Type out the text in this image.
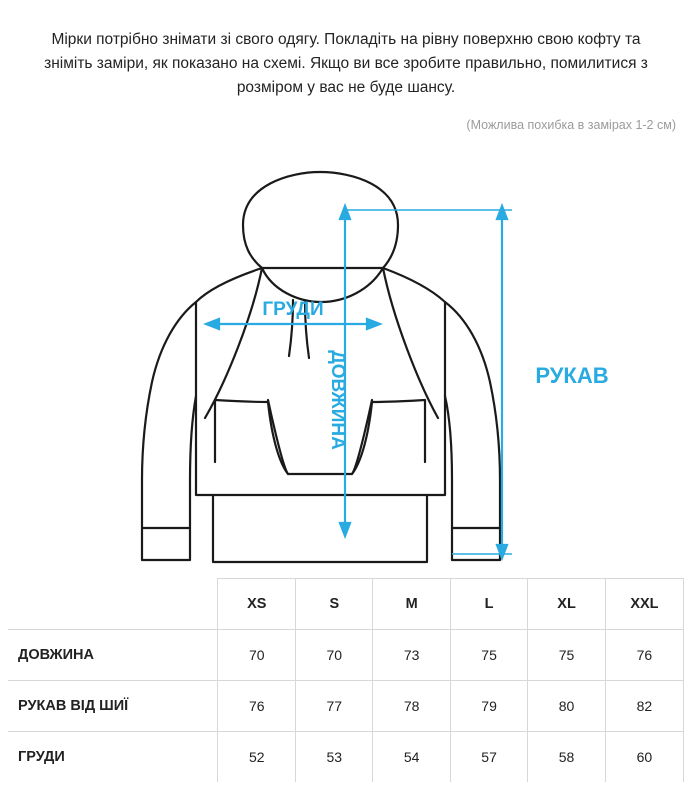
Мірки потрібно знімати зі свого одягу. Покладіть на рівну поверхню свою кофту та зніміть заміри, як показано на схемі. Якщо ви все зробите правильно, помилитися з розміром у вас не буде шансу.
(Можлива похибка в замірах 1-2 см)
ГРУДИ
ДОВЖИНА	РУКАВ
	XS	S	M	L	XL	XXL
ДОВЖИНА	70	70	73	75	75	76
РУКАВ ВІД ШИЇ	76	77	78	79	80	82
ГРУДИ	52	53	54	57	58	60
